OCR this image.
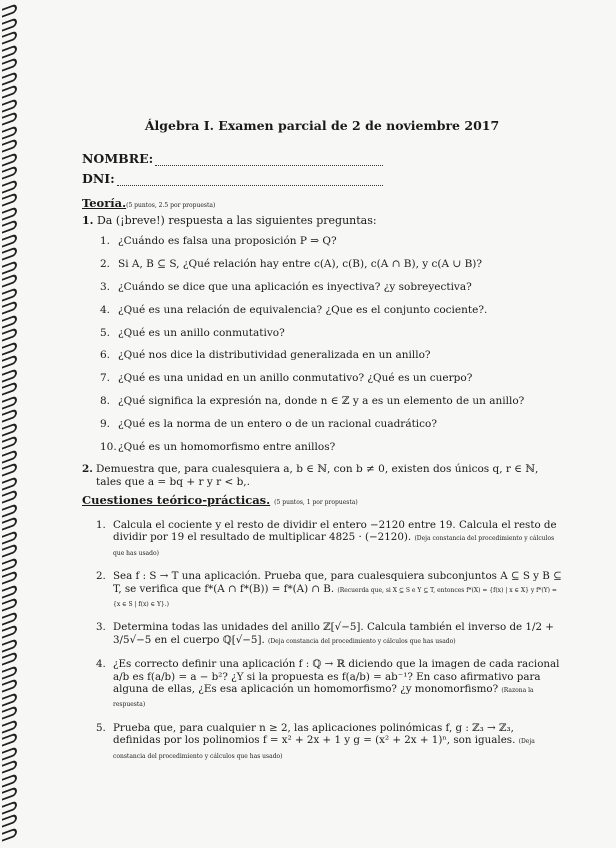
Álgebra I. Examen parcial de 2 de noviembre 2017
NOMBRE:
DNI:
Teoría.(5 puntos, 2.5 por propuesta)
1. Da (¡breve!) respuesta a las siguientes preguntas:
1. ¿Cuándo es falsa una proposición P ⇒ Q?
2. Si A, B ⊆ S, ¿Qué relación hay entre c(A), c(B), c(A ∩ B), y c(A ∪ B)?
3. ¿Cuándo se dice que una aplicación es inyectiva? ¿y sobreyectiva?
4. ¿Qué es una relación de equivalencia? ¿Que es el conjunto cociente?.
5. ¿Qué es un anillo conmutativo?
6. ¿Qué nos dice la distributividad generalizada en un anillo?
7. ¿Qué es una unidad en un anillo conmutativo? ¿Qué es un cuerpo?
8. ¿Qué significa la expresión na, donde n ∈ ℤ y a es un elemento de un anillo?
9. ¿Qué es la norma de un entero o de un racional cuadrático?
10. ¿Qué es un homomorfismo entre anillos?
2. Demuestra que, para cualesquiera a, b ∈ ℕ, con b ≠ 0, existen dos únicos q, r ∈ ℕ, tales que a = bq + r y r < b,.
Cuestiones teórico-prácticas. (5 puntos, 1 por propuesta)
1. Calcula el cociente y el resto de dividir el entero −2120 entre 19. Calcula el resto de dividir por 19 el resultado de multiplicar 4825 · (−2120). (Deja constancia del procedimiento y cálculos que has usado)
2. Sea f : S → T una aplicación. Prueba que, para cualesquiera subconjuntos A ⊆ S y B ⊆ T, se verifica que f*(A ∩ f*(B)) = f*(A) ∩ B. (Recuerda que, si X ⊆ S e Y ⊆ T, entonces f*(X) = {f(x) | x ∈ X} y f*(Y) = {x ∈ S | f(x) ∈ Y}.)
3. Determina todas las unidades del anillo ℤ[√−5]. Calcula también el inverso de 1/2 + 3/5√−5 en el cuerpo ℚ[√−5]. (Deja constancia del procedimiento y cálculos que has usado)
4. ¿Es correcto definir una aplicación f : ℚ → ℝ diciendo que la imagen de cada racional a/b es f(a/b) = a − b²? ¿Y si la propuesta es f(a/b) = ab⁻¹? En caso afirmativo para alguna de ellas, ¿Es esa aplicación un homomorfismo? ¿y monomorfismo? (Razona la respuesta)
5. Prueba que, para cualquier n ≥ 2, las aplicaciones polinómicas f, g : ℤ₃ → ℤ₃, definidas por los polinomios f = x² + 2x + 1 y g = (x² + 2x + 1)ⁿ, son iguales. (Deja constancia del procedimiento y cálculos que has usado)
